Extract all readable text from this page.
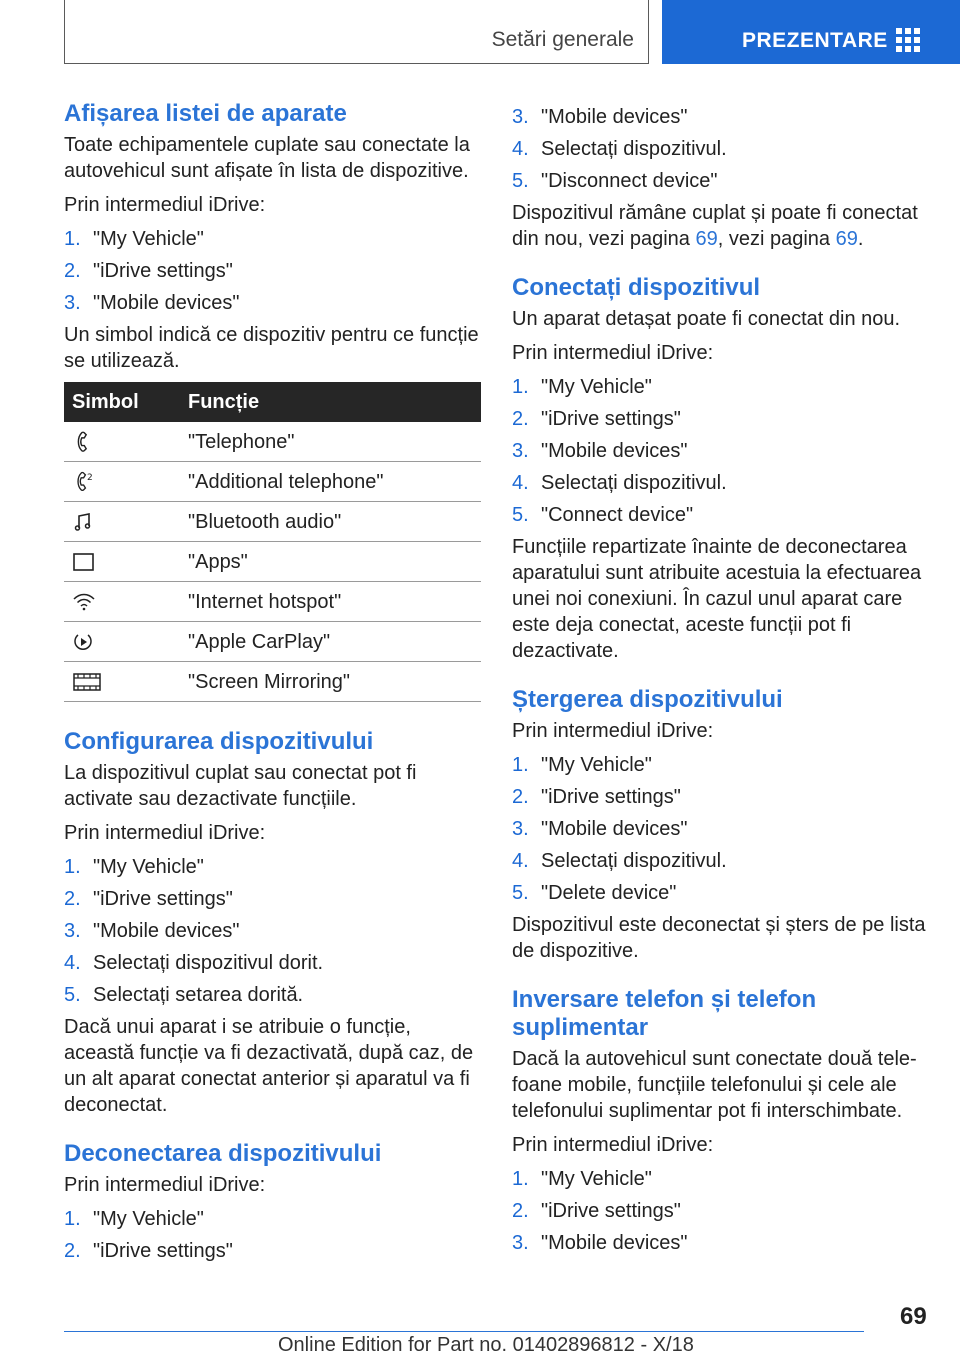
Setări generale	PREZENTARE
Afișarea listei de aparate

Toate echipamentele cuplate sau conectate la autovehicul sunt afișate în lista de dispozitive.

Prin intermediul iDrive:

1. "My Vehicle"
2. "iDrive settings"
3. "Mobile devices"

Un simbol indică ce dispozitiv pentru ce funcție se utilizează.

Simbol	Funcție

	"Telephone"

2	"Additional telephone"

	"Bluetooth audio"

	"Apps"

	"Internet hotspot"

	"Apple CarPlay"

	"Screen Mirroring"
Configurarea dispozitivului

La dispozitivul cuplat sau conectat pot fi activate sau dezactivate funcțiile.

Prin intermediul iDrive:

1. "My Vehicle"
2. "iDrive settings"
3. "Mobile devices"
4. Selectați dispozitivul dorit.
5. Selectați setarea dorită.

Dacă unui aparat i se atribuie o funcție, această funcție va fi dezactivată, după caz, de un alt aparat conectat anterior și aparatul va fi deconectat.

Deconectarea dispozitivului

Prin intermediul iDrive:

1. "My Vehicle"
2. "iDrive settings"
3. "Mobile devices"
4. Selectați dispozitivul.
5. "Disconnect device"

Dispozitivul rămâne cuplat și poate fi conectat din nou, vezi pagina 69, vezi pagina 69.

Conectați dispozitivul

Un aparat detașat poate fi conectat din nou.

Prin intermediul iDrive:

1. "My Vehicle"
2. "iDrive settings"
3. "Mobile devices"
4. Selectați dispozitivul.
5. "Connect device"

Funcțiile repartizate înainte de deconectarea aparatului sunt atribuite acestuia la efectuarea unei noi conexiuni. În cazul unul aparat care este deja conectat, aceste funcții pot fi dezactivate.

Ștergerea dispozitivului

Prin intermediul iDrive:

1. "My Vehicle"
2. "iDrive settings"
3. "Mobile devices"
4. Selectați dispozitivul.
5. "Delete device"

Dispozitivul este deconectat și șters de pe lista de dispozitive.

Inversare telefon și telefon suplimentar

Dacă la autovehicul sunt conectate două telefoane mobile, funcțiile telefonului și cele ale telefonului suplimentar pot fi interschimbate.

Prin intermediul iDrive:

1. "My Vehicle"
2. "iDrive settings"
3. "Mobile devices"
69
Online Edition for Part no. 01402896812 - X/18
